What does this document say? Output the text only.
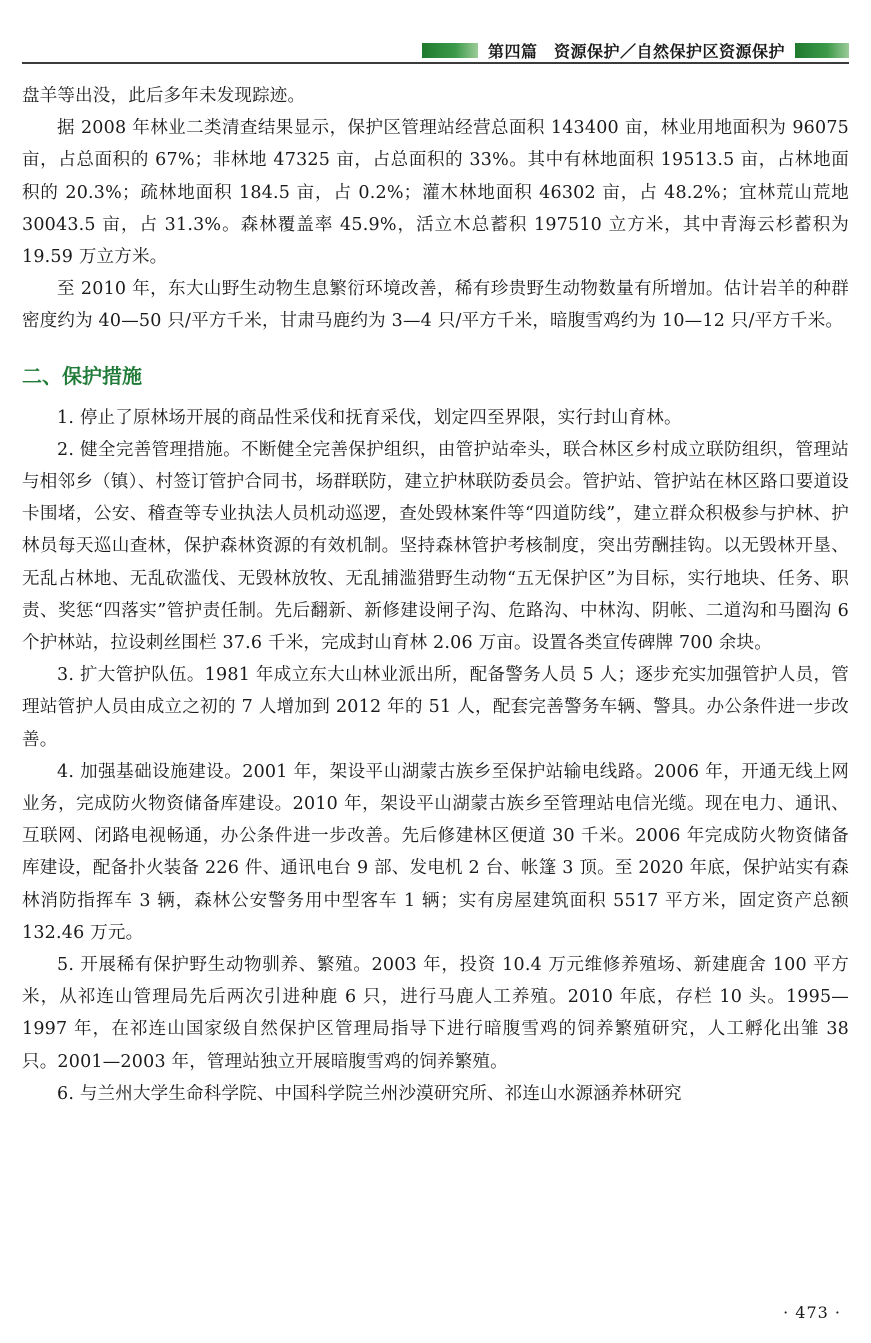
第四篇　资源保护／自然保护区资源保护

盘羊等出没，此后多年未发现踪迹。

据 2008 年林业二类清查结果显示，保护区管理站经营总面积 143400 亩，林业用地面积为 96075 亩，占总面积的 67%；非林地 47325 亩，占总面积的 33%。其中有林地面积 19513.5 亩，占林地面积的 20.3%；疏林地面积 184.5 亩，占 0.2%；灌木林地面积 46302 亩，占 48.2%；宜林荒山荒地 30043.5 亩，占 31.3%。森林覆盖率 45.9%，活立木总蓄积 197510 立方米，其中青海云杉蓄积为 19.59 万立方米。

至 2010 年，东大山野生动物生息繁衍环境改善，稀有珍贵野生动物数量有所增加。估计岩羊的种群密度约为 40—50 只/平方千米，甘肃马鹿约为 3—4 只/平方千米，暗腹雪鸡约为 10—12 只/平方千米。

二、保护措施

1. 停止了原林场开展的商品性采伐和抚育采伐，划定四至界限，实行封山育林。

2. 健全完善管理措施。不断健全完善保护组织，由管护站牵头，联合林区乡村成立联防组织，管理站与相邻乡（镇）、村签订管护合同书，场群联防，建立护林联防委员会。管护站、管护站在林区路口要道设卡围堵，公安、稽查等专业执法人员机动巡逻，查处毁林案件等“四道防线”，建立群众积极参与护林、护林员每天巡山查林，保护森林资源的有效机制。坚持森林管护考核制度，突出劳酬挂钩。以无毁林开垦、无乱占林地、无乱砍滥伐、无毁林放牧、无乱捕滥猎野生动物“五无保护区”为目标，实行地块、任务、职责、奖惩“四落实”管护责任制。先后翻新、新修建设闸子沟、危路沟、中林沟、阴帐、二道沟和马圈沟 6 个护林站，拉设刺丝围栏 37.6 千米，完成封山育林 2.06 万亩。设置各类宣传碑牌 700 余块。

3. 扩大管护队伍。1981 年成立东大山林业派出所，配备警务人员 5 人；逐步充实加强管护人员，管理站管护人员由成立之初的 7 人增加到 2012 年的 51 人，配套完善警务车辆、警具。办公条件进一步改善。

4. 加强基础设施建设。2001 年，架设平山湖蒙古族乡至保护站输电线路。2006 年，开通无线上网业务，完成防火物资储备库建设。2010 年，架设平山湖蒙古族乡至管理站电信光缆。现在电力、通讯、互联网、闭路电视畅通，办公条件进一步改善。先后修建林区便道 30 千米。2006 年完成防火物资储备库建设，配备扑火装备 226 件、通讯电台 9 部、发电机 2 台、帐篷 3 顶。至 2020 年底，保护站实有森林消防指挥车 3 辆，森林公安警务用中型客车 1 辆；实有房屋建筑面积 5517 平方米，固定资产总额 132.46 万元。

5. 开展稀有保护野生动物驯养、繁殖。2003 年，投资 10.4 万元维修养殖场、新建鹿舍 100 平方米，从祁连山管理局先后两次引进种鹿 6 只，进行马鹿人工养殖。2010 年底，存栏 10 头。1995—1997 年，在祁连山国家级自然保护区管理局指导下进行暗腹雪鸡的饲养繁殖研究，人工孵化出雏 38 只。2001—2003 年，管理站独立开展暗腹雪鸡的饲养繁殖。

6. 与兰州大学生命科学院、中国科学院兰州沙漠研究所、祁连山水源涵养林研究

· 473 ·
